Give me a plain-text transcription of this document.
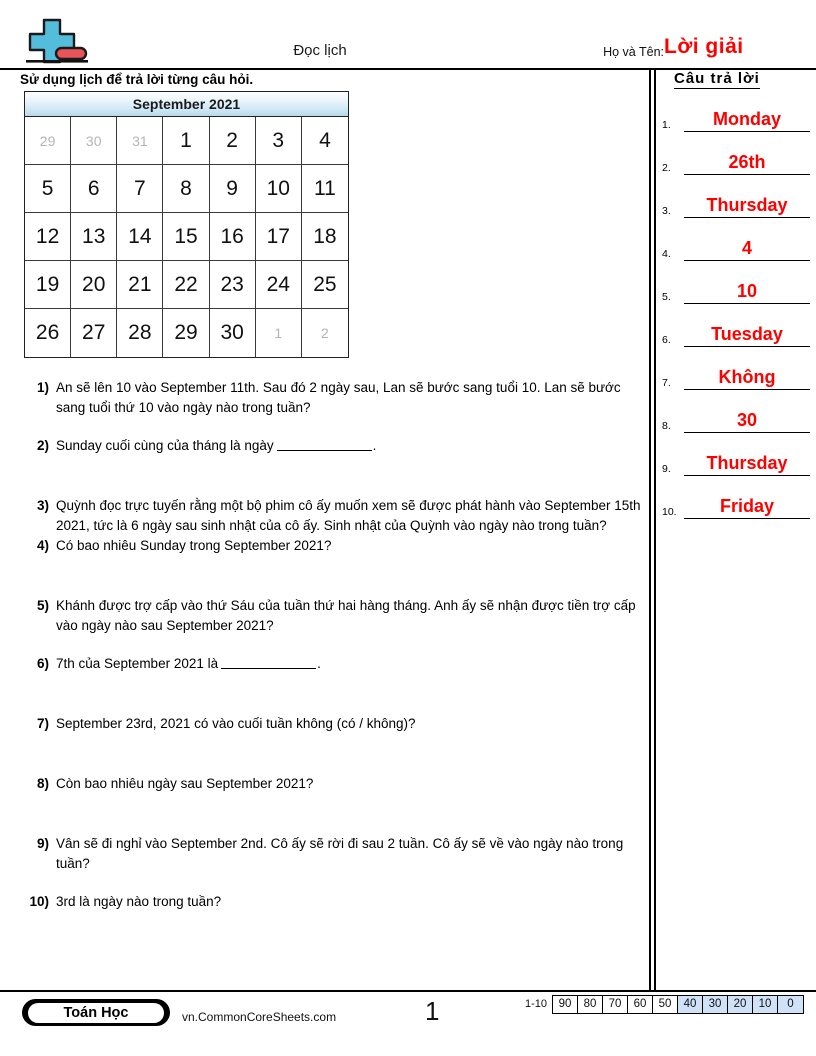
Đọc lịch	Họ và Tên: Lời giải
Sử dụng lịch để trả lời từng câu hỏi.
September 2021
29	30	31	1	2	3	4
5	6	7	8	9	10	11
12	13	14	15	16	17	18
19	20	21	22	23	24	25
26	27	28	29	30	1	2
1) An sẽ lên 10 vào September 11th. Sau đó 2 ngày sau, Lan sẽ bước sang tuổi 10. Lan sẽ bước sang tuổi thứ 10 vào ngày nào trong tuần?
2) Sunday cuối cùng của tháng là ngày	.
3) Quỳnh đọc trực tuyến rằng một bộ phim cô ấy muốn xem sẽ được phát hành vào September 15th 2021, tức là 6 ngày sau sinh nhật của cô ấy. Sinh nhật của Quỳnh vào ngày nào trong tuần?
4) Có bao nhiêu Sunday trong September 2021?
5) Khánh được trợ cấp vào thứ Sáu của tuần thứ hai hàng tháng. Anh ấy sẽ nhận được tiền trợ cấp vào ngày nào sau September 2021?
6) 7th của September 2021 là	.
7) September 23rd, 2021 có vào cuối tuần không (có / không)?
8) Còn bao nhiêu ngày sau September 2021?
9) Vân sẽ đi nghỉ vào September 2nd. Cô ấy sẽ rời đi sau 2 tuần. Cô ấy sẽ về vào ngày nào trong tuần?
10) 3rd là ngày nào trong tuần?
Câu trả lời
1.	Monday
2.	26th
3.	Thursday
4.	4
5.	10
6.	Tuesday
7.	Không
8.	30
9.	Thursday
10.	Friday
Toán Học	vn.CommonCoreSheets.com	1	1-10	90	80	70	60	50	40	30	20	10	0
